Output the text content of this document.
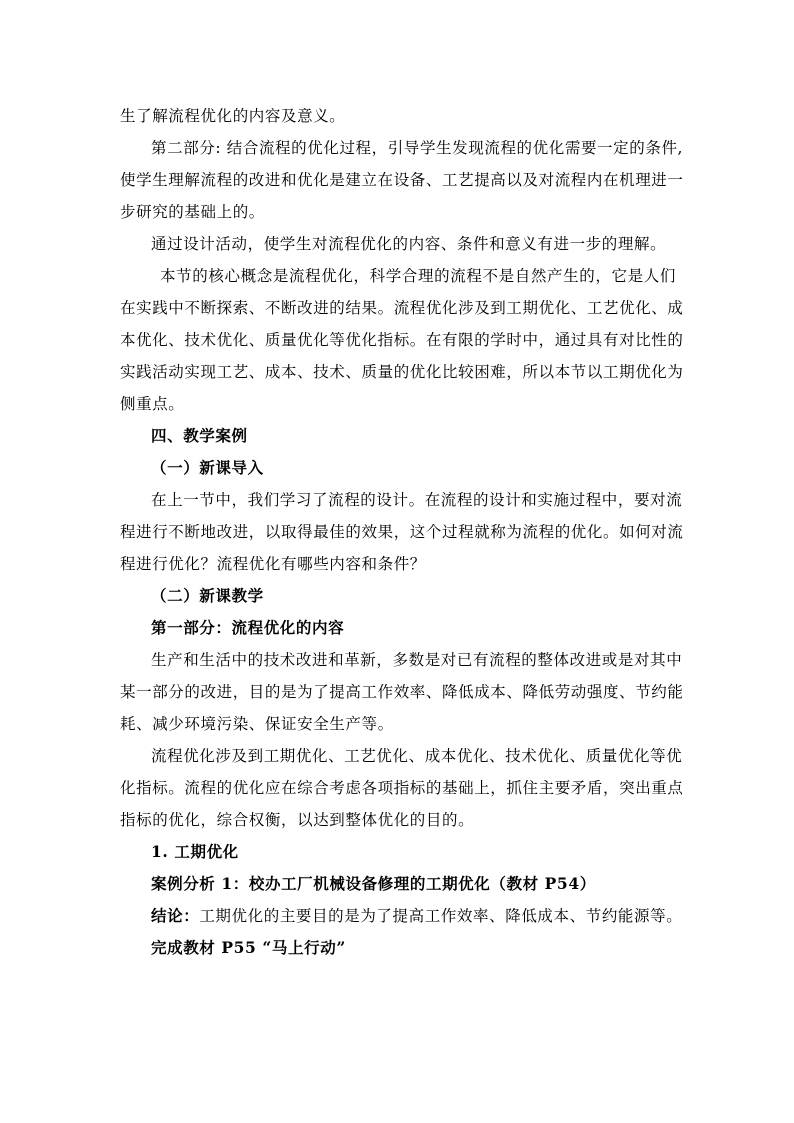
生了解流程优化的内容及意义。
第二部分: 结合流程的优化过程，引导学生发现流程的优化需要一定的条件,
使学生理解流程的改进和优化是建立在设备、工艺提高以及对流程内在机理进一
步研究的基础上的。
通过设计活动，使学生对流程优化的内容、条件和意义有进一步的理解。
本节的核心概念是流程优化，科学合理的流程不是自然产生的，它是人们
在实践中不断探索、不断改进的结果。流程优化涉及到工期优化、工艺优化、成
本优化、技术优化、质量优化等优化指标。在有限的学时中，通过具有对比性的
实践活动实现工艺、成本、技术、质量的优化比较困难，所以本节以工期优化为
侧重点。
四、教学案例
（一）新课导入
在上一节中，我们学习了流程的设计。在流程的设计和实施过程中，要对流
程进行不断地改进，以取得最佳的效果，这个过程就称为流程的优化。如何对流
程进行优化？流程优化有哪些内容和条件？
（二）新课教学
第一部分：流程优化的内容
生产和生活中的技术改进和革新，多数是对已有流程的整体改进或是对其中
某一部分的改进，目的是为了提高工作效率、降低成本、降低劳动强度、节约能
耗、减少环境污染、保证安全生产等。
流程优化涉及到工期优化、工艺优化、成本优化、技术优化、质量优化等优
化指标。流程的优化应在综合考虑各项指标的基础上，抓住主要矛盾，突出重点
指标的优化，综合权衡，以达到整体优化的目的。
1. 工期优化
案例分析 1：校办工厂机械设备修理的工期优化（教材 P54）
结论：工期优化的主要目的是为了提高工作效率、降低成本、节约能源等。
完成教材 P55 “马上行动”
